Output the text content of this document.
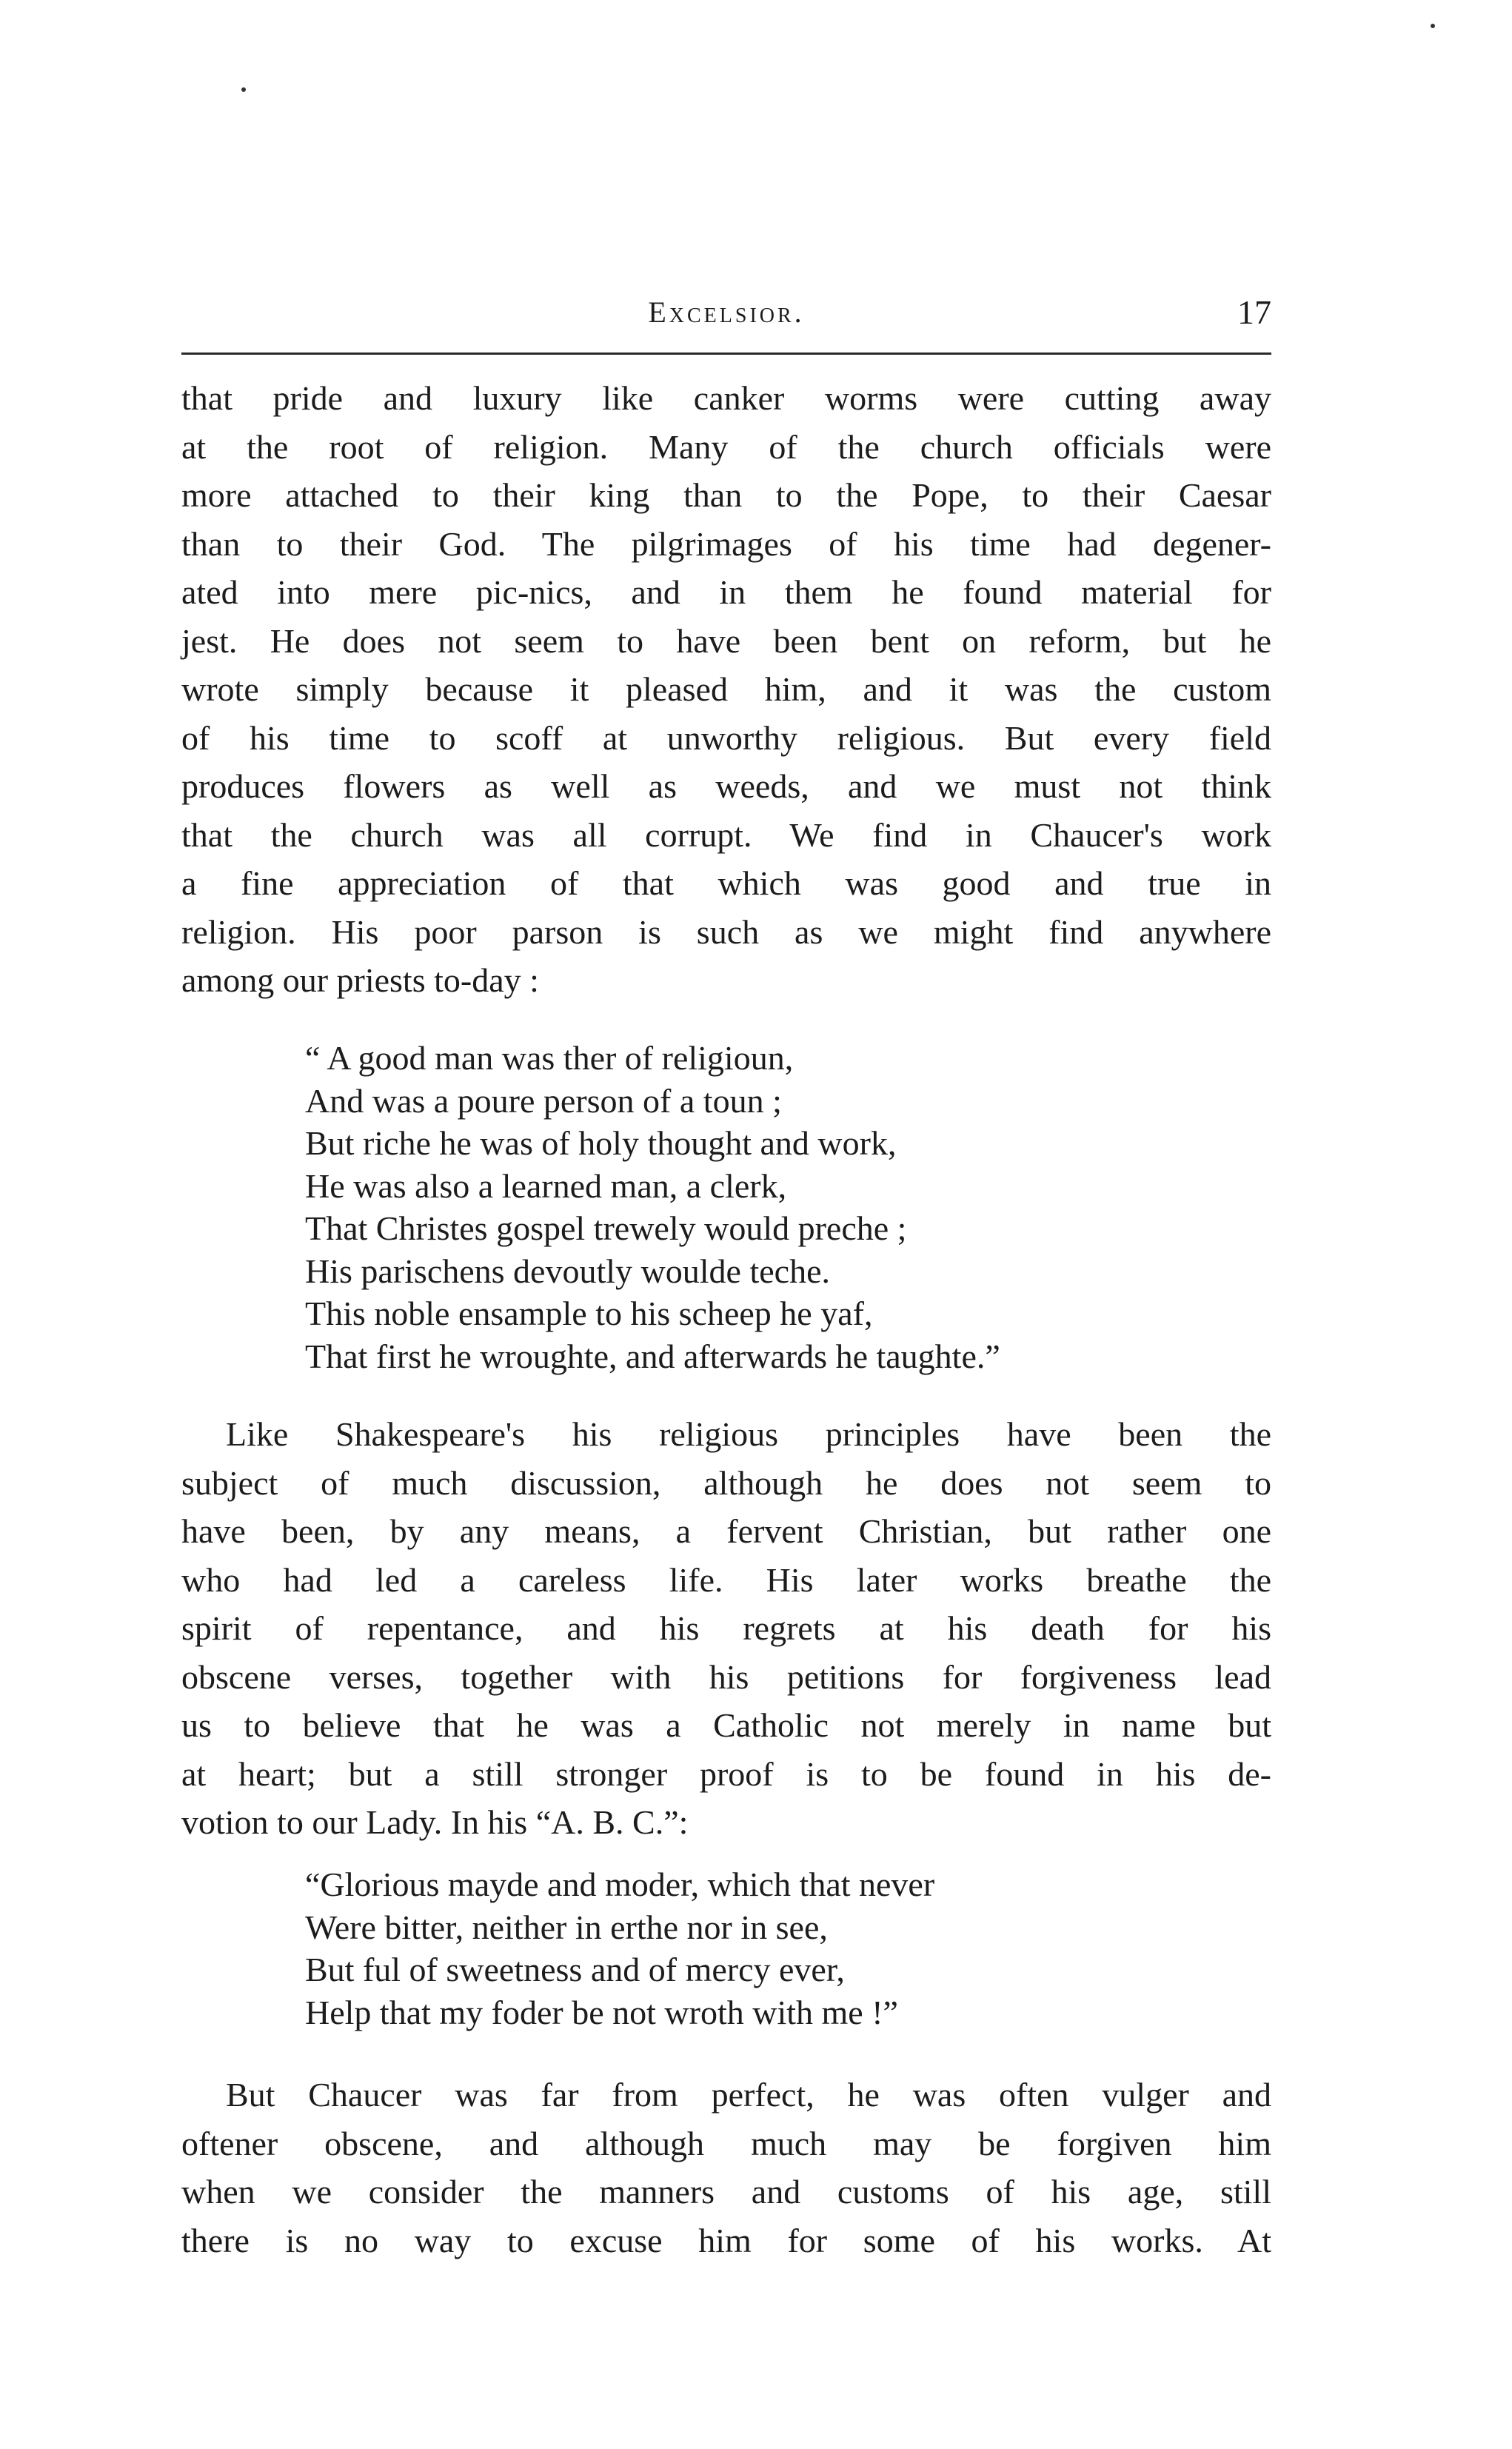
Excelsior.	17
that pride and luxury like canker worms were cutting away
at the root of religion. Many of the church officials were
more attached to their king than to the Pope, to their Caesar
than to their God. The pilgrimages of his time had degener-
ated into mere pic-nics, and in them he found material for
jest. He does not seem to have been bent on reform, but he
wrote simply because it pleased him, and it was the custom
of his time to scoff at unworthy religious. But every field
produces flowers as well as weeds, and we must not think
that the church was all corrupt. We find in Chaucer's work
a fine appreciation of that which was good and true in
religion. His poor parson is such as we might find anywhere
among our priests to-day :
“ A good man was ther of religioun,
And was a poure person of a toun ;
But riche he was of holy thought and work,
He was also a learned man, a clerk,
That Christes gospel trewely would preche ;
His parischens devoutly woulde teche.
This noble ensample to his scheep he yaf,
That first he wroughte, and afterwards he taughte.”
Like Shakespeare's his religious principles have been the
subject of much discussion, although he does not seem to
have been, by any means, a fervent Christian, but rather one
who had led a careless life. His later works breathe the
spirit of repentance, and his regrets at his death for his
obscene verses, together with his petitions for forgiveness lead
us to believe that he was a Catholic not merely in name but
at heart; but a still stronger proof is to be found in his de-
votion to our Lady. In his “A. B. C.”:
“Glorious mayde and moder, which that never
Were bitter, neither in erthe nor in see,
But ful of sweetness and of mercy ever,
Help that my foder be not wroth with me !”
But Chaucer was far from perfect, he was often vulger and
oftener obscene, and although much may be forgiven him
when we consider the manners and customs of his age, still
there is no way to excuse him for some of his works. At
